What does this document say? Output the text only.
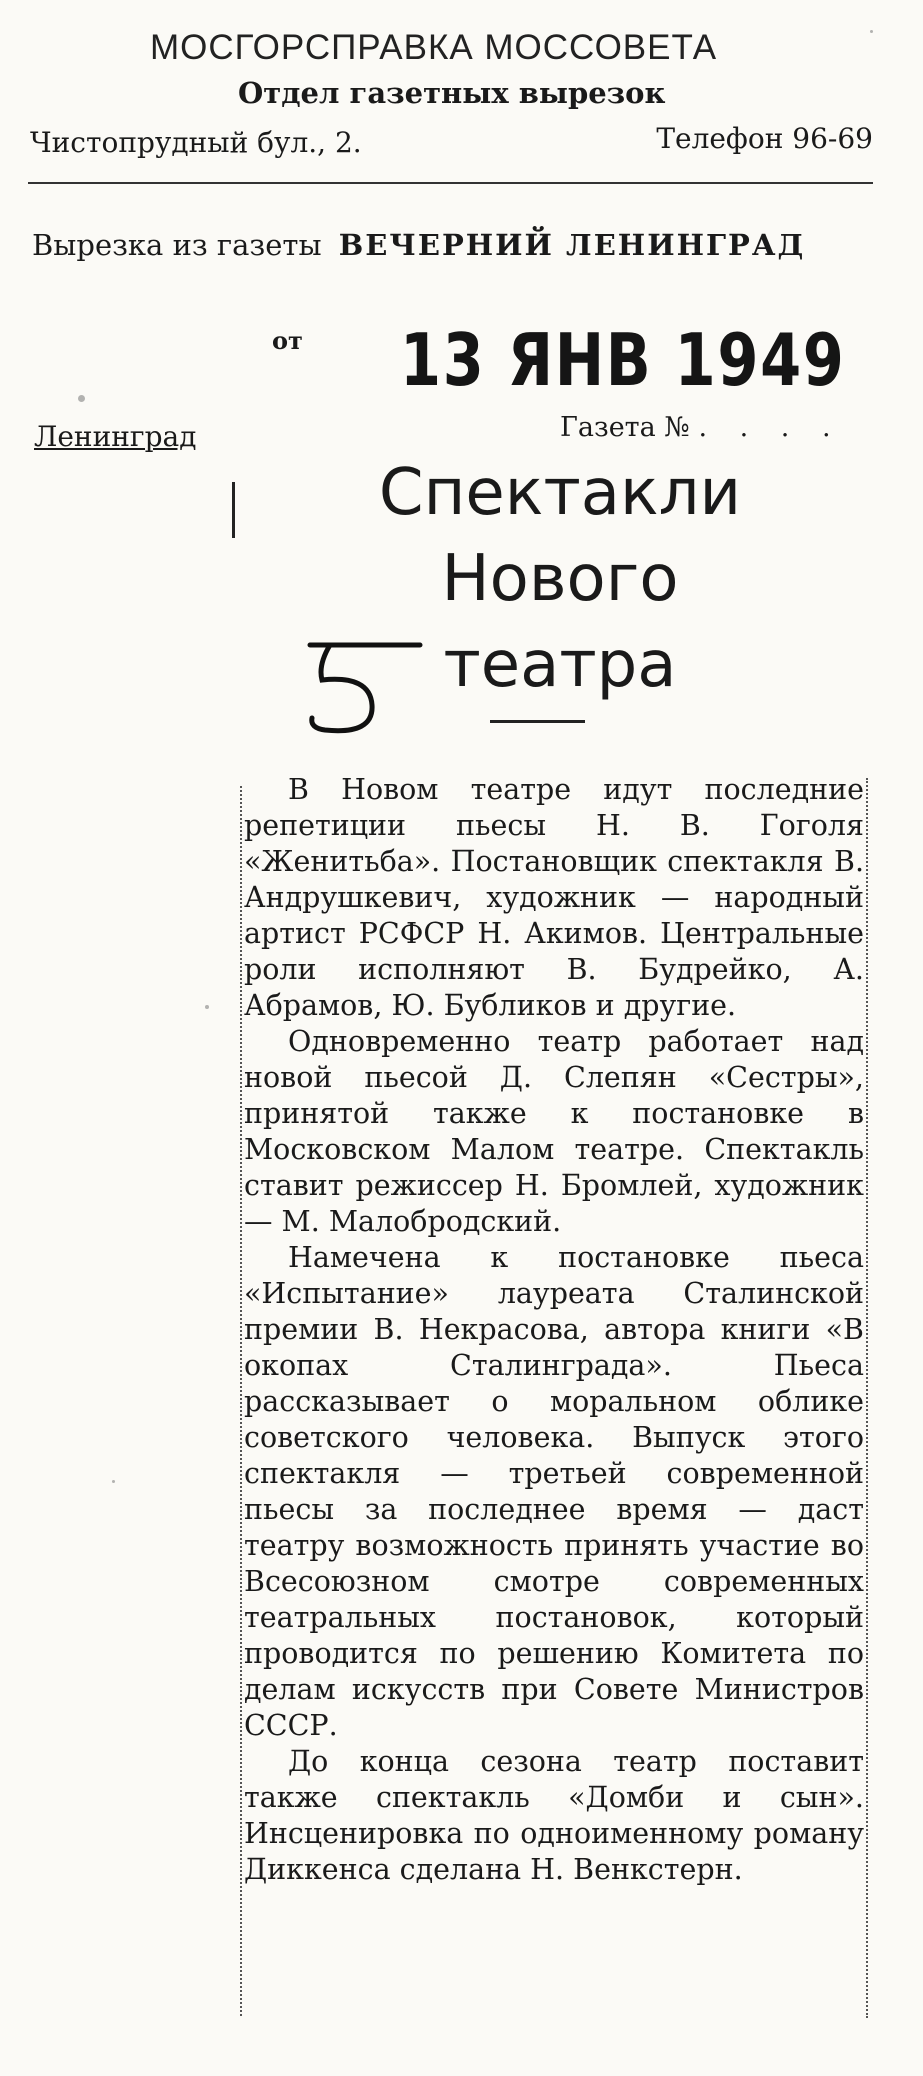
МОСГОРСПРАВКА МОССОВЕТА
Отдел газетных вырезок
Чистопрудный бул., 2.	Телефон 96-69
Вырезка из газеты ВЕЧЕРНИЙ ЛЕНИНГРАД
от 13 ЯНВ 1949
Ленинград	Газета № . . . .
Спектакли
Нового
театра

В Новом театре идут последние репетиции пьесы Н. В. Гоголя «Женитьба». Постановщик спектакля В. Андрушкевич, художник — народный артист РСФСР Н. Акимов. Центральные роли исполняют В. Будрейко, А. Абрамов, Ю. Бубликов и другие.

Одновременно театр работает над новой пьесой Д. Слепян «Сестры», принятой также к постановке в Московском Малом театре. Спектакль ставит режиссер Н. Бромлей, художник — М. Малобродский.

Намечена к постановке пьеса «Испытание» лауреата Сталинской премии В. Некрасова, автора книги «В окопах Сталинграда». Пьеса рассказывает о моральном облике советского человека. Выпуск этого спектакля — третьей современной пьесы за последнее время — даст театру возможность принять участие во Всесоюзном смотре современных театральных постановок, который проводится по решению Комитета по делам искусств при Совете Министров СССР.

До конца сезона театр поставит также спектакль «Домби и сын». Инсценировка по одноименному роману Диккенса сделана Н. Венкстерн.
